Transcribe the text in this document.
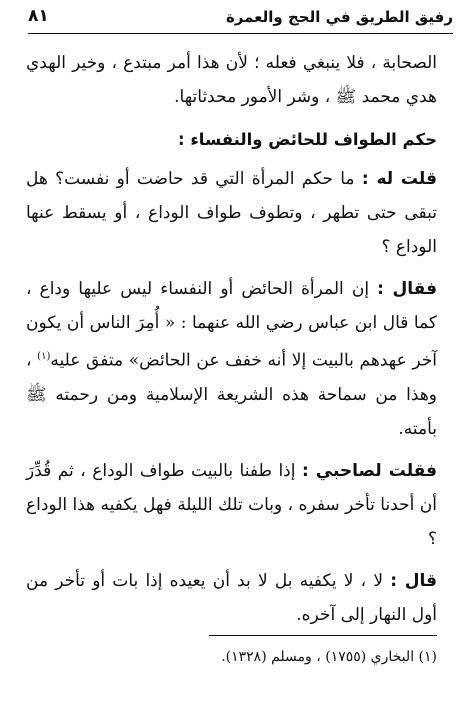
رفيق الطريق في الحج والعمرة
٨١

الصحابة ، فلا ينبغي فعله ؛ لأن هذا أمر مبتدع ، وخير الهدي هدي محمد ﷺ ، وشر الأمور محدثاتها.

حكم الطواف للحائض والنفساء :

قلت له : ما حكم المرأة التي قد حاضت أو نفست؟ هل تبقى حتى تطهر ، وتطوف طواف الوداع ، أو يسقط عنها الوداع ؟

فقال : إن المرأة الحائض أو النفساء ليس عليها وداع ، كما قال ابن عباس رضي الله عنهما : « أُمِرَ الناس أن يكون آخر عهدهم بالبيت إلا أنه خفف عن الحائض» متفق عليه$^{(١)}$ ، وهذا من سماحة هذه الشريعة الإسلامية ومن رحمته ﷺ بأمته.

فقلت لصاحبي : إذا طفنا بالبيت طواف الوداع ، ثم قُدِّرَ أن أحدنا تأخر سفره ، وبات تلك الليلة فهل يكفيه هذا الوداع ؟

قال : لا ، لا يكفيه بل لا بد أن يعيده إذا بات أو تأخر من أول النهار إلى آخره.

(١) البخاري (١٧٥٥) ، ومسلم (١٣٢٨).
